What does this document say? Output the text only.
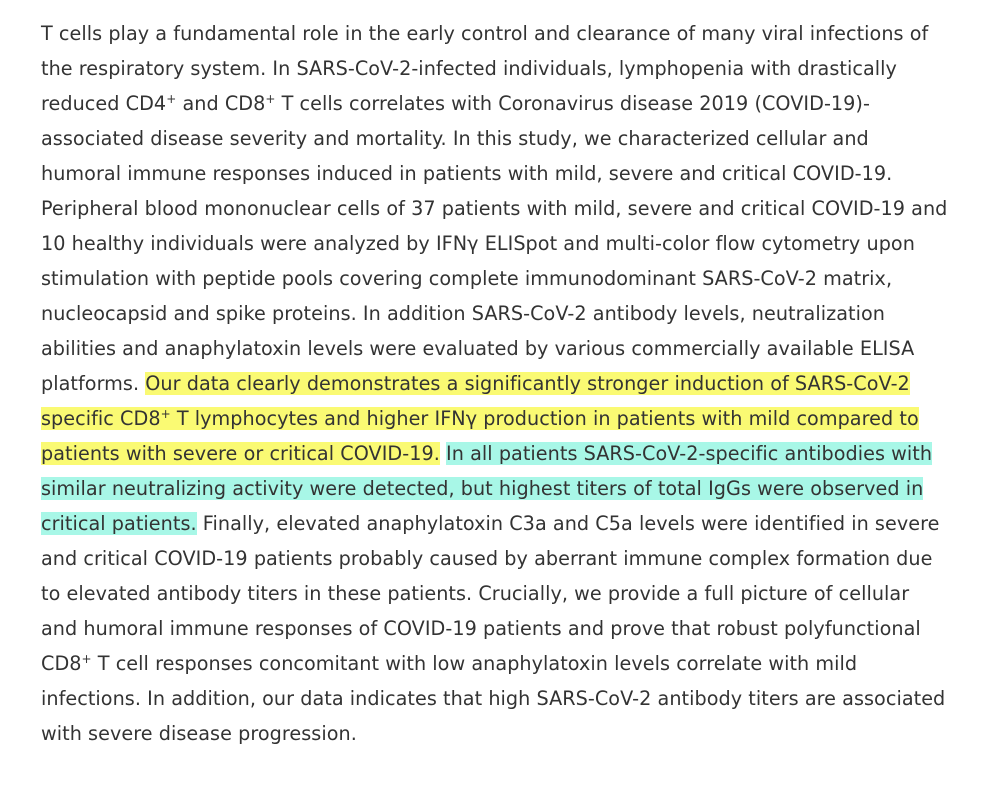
T cells play a fundamental role in the early control and clearance of many viral infections of the respiratory system. In SARS-CoV-2-infected individuals, lymphopenia with drastically reduced CD4+ and CD8+ T cells correlates with Coronavirus disease 2019 (COVID-19)-associated disease severity and mortality. In this study, we characterized cellular and humoral immune responses induced in patients with mild, severe and critical COVID-19. Peripheral blood mononuclear cells of 37 patients with mild, severe and critical COVID-19 and 10 healthy individuals were analyzed by IFNγ ELISpot and multi-color flow cytometry upon stimulation with peptide pools covering complete immunodominant SARS-CoV-2 matrix, nucleocapsid and spike proteins. In addition SARS-CoV-2 antibody levels, neutralization abilities and anaphylatoxin levels were evaluated by various commercially available ELISA platforms. Our data clearly demonstrates a significantly stronger induction of SARS-CoV-2 specific CD8+ T lymphocytes and higher IFNγ production in patients with mild compared to patients with severe or critical COVID-19. In all patients SARS-CoV-2-specific antibodies with similar neutralizing activity were detected, but highest titers of total IgGs were observed in critical patients. Finally, elevated anaphylatoxin C3a and C5a levels were identified in severe and critical COVID-19 patients probably caused by aberrant immune complex formation due to elevated antibody titers in these patients. Crucially, we provide a full picture of cellular and humoral immune responses of COVID-19 patients and prove that robust polyfunctional CD8+ T cell responses concomitant with low anaphylatoxin levels correlate with mild infections. In addition, our data indicates that high SARS-CoV-2 antibody titers are associated with severe disease progression.
